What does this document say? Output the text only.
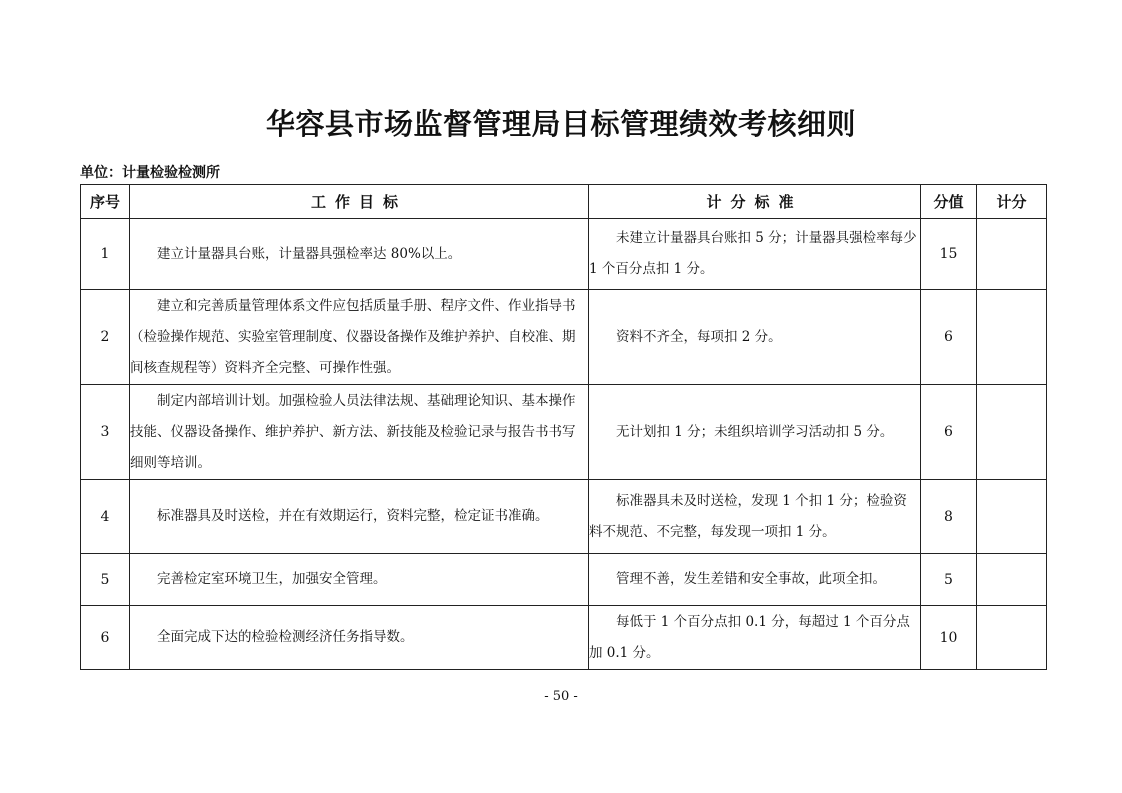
华容县市场监督管理局目标管理绩效考核细则
单位：计量检验检测所
序号	工作目标	计分标准	分值	计分
1	建立计量器具台账，计量器具强检率达 80%以上。	未建立计量器具台账扣 5 分；计量器具强检率每少 1 个百分点扣 1 分。	15	
2	建立和完善质量管理体系文件应包括质量手册、程序文件、作业指导书（检验操作规范、实验室管理制度、仪器设备操作及维护养护、自校准、期间核查规程等）资料齐全完整、可操作性强。	资料不齐全，每项扣 2 分。	6	
3	制定内部培训计划。加强检验人员法律法规、基础理论知识、基本操作技能、仪器设备操作、维护养护、新方法、新技能及检验记录与报告书书写细则等培训。	无计划扣 1 分；未组织培训学习活动扣 5 分。	6	
4	标准器具及时送检，并在有效期运行，资料完整，检定证书准确。	标准器具未及时送检，发现 1 个扣 1 分；检验资料不规范、不完整，每发现一项扣 1 分。	8	
5	完善检定室环境卫生，加强安全管理。	管理不善，发生差错和安全事故，此项全扣。	5	
6	全面完成下达的检验检测经济任务指导数。	每低于 1 个百分点扣 0.1 分，每超过 1 个百分点加 0.1 分。	10	
- 50 -
